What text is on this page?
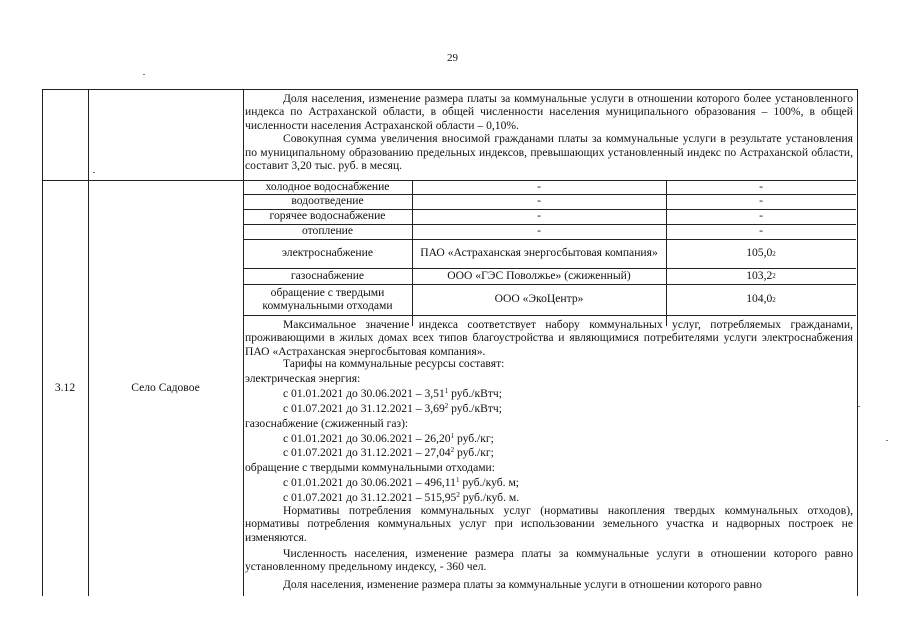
29

Доля населения, изменение размера платы за коммунальные услуги в отношении которого более установленного индекса по Астраханской области, в общей численности населения муниципального образования – 100%, в общей численности населения Астраханской области – 0,10%.

Совокупная сумма увеличения вносимой гражданами платы за коммунальные услуги в результате установления по муниципальному образованию предельных индексов, превышающих установленный индекс по Астраханской области, составит 3,20 тыс. руб. в месяц.

3.12	Село Садовое
холодное водоснабжение	-	-
водоотведение	-	-
горячее водоснабжение	-	-
отопление	-	-
электроснабжение	ПАО «Астраханская энергосбытовая компания»	105,0 2
газоснабжение	ООО «ГЭС Поволжье» (сжиженный)	103,2 2
обращение с твердыми коммунальными отходами	ООО «ЭкоЦентр»	104,0 2

Максимальное значение индекса соответствует набору коммунальных услуг, потребляемых гражданами, проживающими в жилых домах всех типов благоустройства и являющимися потребителями услуги электроснабжения ПАО «Астраханская энергосбытовая компания».

Тарифы на коммунальные ресурсы составят:
электрическая энергия:
с 01.01.2021 до 30.06.2021 – 3,51$^1$ руб./кВтч;
с 01.07.2021 до 31.12.2021 – 3,69$^2$ руб./кВтч;
газоснабжение (сжиженный газ):
с 01.01.2021 до 30.06.2021 – 26,20$^1$ руб./кг;
с 01.07.2021 до 31.12.2021 – 27,04$^2$ руб./кг;
обращение с твердыми коммунальными отходами:
с 01.01.2021 до 30.06.2021 – 496,11$^1$ руб./куб. м;
с 01.07.2021 до 31.12.2021 – 515,95$^2$ руб./куб. м.

Нормативы потребления коммунальных услуг (нормативы накопления твердых коммунальных отходов), нормативы потребления коммунальных услуг при использовании земельного участка и надворных построек не изменяются.

Численность населения, изменение размера платы за коммунальные услуги в отношении которого равно установленному предельному индексу, - 360 чел.

Доля населения, изменение размера платы за коммунальные услуги в отношении которого равно
